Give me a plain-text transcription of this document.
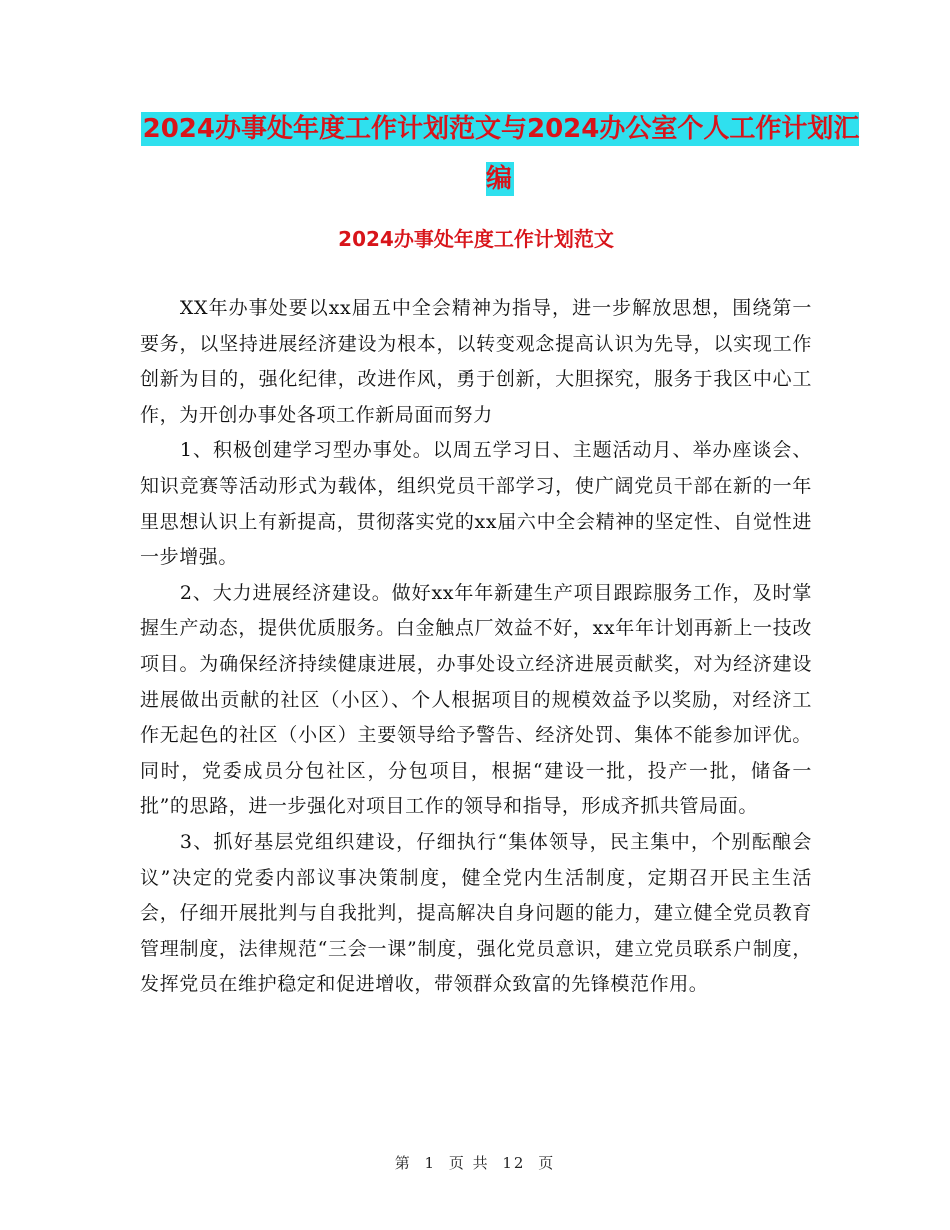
2024办事处年度工作计划范文与2024办公室个人工作计划汇编
2024办事处年度工作计划范文

XX年办事处要以xx届五中全会精神为指导，进一步解放思想，围绕第一要务，以坚持进展经济建设为根本，以转变观念提高认识为先导，以实现工作创新为目的，强化纪律，改进作风，勇于创新，大胆探究，服务于我区中心工作，为开创办事处各项工作新局面而努力

1、积极创建学习型办事处。以周五学习日、主题活动月、举办座谈会、知识竞赛等活动形式为载体，组织党员干部学习，使广阔党员干部在新的一年里思想认识上有新提高，贯彻落实党的xx届六中全会精神的坚定性、自觉性进一步增强。

2、大力进展经济建设。做好xx年年新建生产项目跟踪服务工作，及时掌握生产动态，提供优质服务。白金触点厂效益不好，xx年年计划再新上一技改项目。为确保经济持续健康进展，办事处设立经济进展贡献奖，对为经济建设进展做出贡献的社区（小区）、个人根据项目的规模效益予以奖励，对经济工作无起色的社区（小区）主要领导给予警告、经济处罚、集体不能参加评优。同时，党委成员分包社区，分包项目，根据“建设一批，投产一批，储备一批”的思路，进一步强化对项目工作的领导和指导，形成齐抓共管局面。

3、抓好基层党组织建设，仔细执行“集体领导，民主集中，个别酝酿会议”决定的党委内部议事决策制度，健全党内生活制度，定期召开民主生活会，仔细开展批判与自我批判，提高解决自身问题的能力，建立健全党员教育管理制度，法律规范“三会一课”制度，强化党员意识，建立党员联系户制度，发挥党员在维护稳定和促进增收，带领群众致富的先锋模范作用。

第 1 页 共 12 页
